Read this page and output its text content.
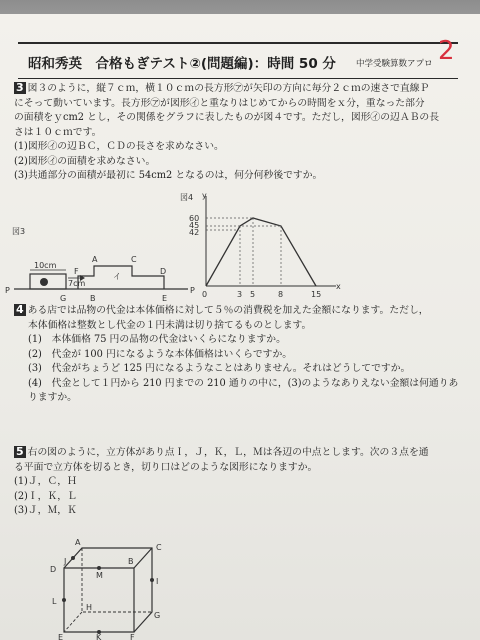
昭和秀英　合格もぎテスト②(問題編)：時間 50 分 中学受験算数アプロ 2

3 図３のように，縦７ｃｍ，横１０ｃｍの長方形㋐が矢印の方向に毎分２ｃｍの速さで直線Ｐ

にそって動いています。長方形㋐が図形㋑と重なりはじめてからの時間をｘ分，重なった部分

の面積をｙcm2 とし，その関係をグラフに表したものが図４です。ただし，図形㋑の辺ＡＢの長

さは１０ｃｍです。

(1)図形㋑の辺ＢＣ，ＣＤの長さを求めなさい。

(2)図形㋑の面積を求めなさい。

(3)共通部分の面積が最初に 54cm2 となるのは，何分何秒後ですか。

図3
P	P
10cm
7cm
イ
A
B
C
D
E
F
G
図4 y
x
60
45
42
0	3 5	8	15

4 ある店では品物の代金は本体価格に対して５％の消費税を加えた金額になります。ただし，

本体価格は整数とし代金の１円未満は切り捨てるものとします。

(1)　本体価格 75 円の品物の代金はいくらになりますか。

(2)　代金が 100 円になるような本体価格はいくらですか。

(3)　代金がちょうど 125 円になるようなことはありません。それはどうしてですか。

(4)　代金として１円から 210 円までの 210 通りの中に，(3)のようなありえない金額は何通りあ

りますか。

5 右の図のように，立方体があり点Ｉ，Ｊ，Ｋ，Ｌ，Ｍは各辺の中点とします。次の３点を通

る平面で立方体を切るとき，切り口はどのような図形になりますか。

(1)Ｊ，Ｃ，Ｈ

(2)Ｉ，Ｋ，Ｌ

(3)Ｊ，Ｍ，Ｋ

A
D
C
B
J
M
L
H
I
G
E	K	F
